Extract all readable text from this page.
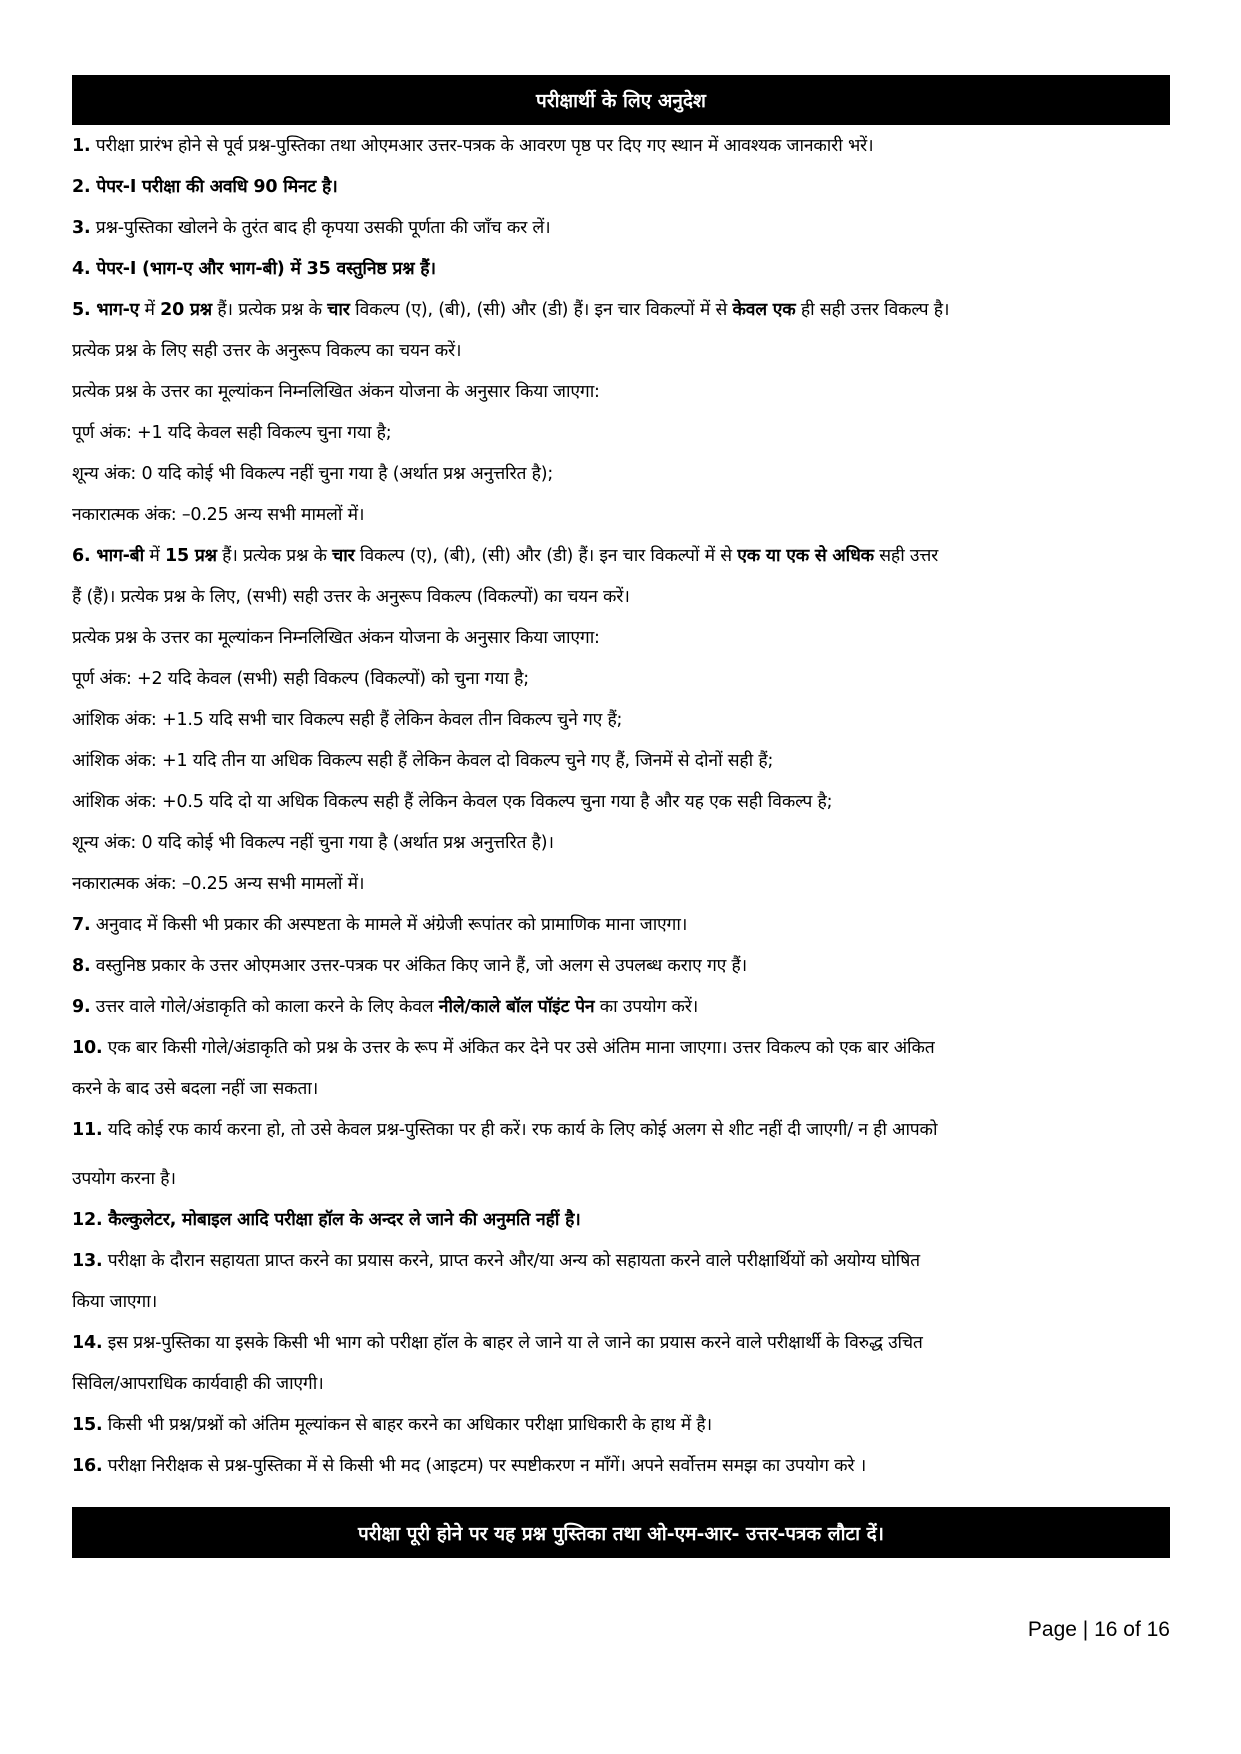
परीक्षार्थी के लिए अनुदेश
1. परीक्षा प्रारंभ होने से पूर्व प्रश्न-पुस्तिका तथा ओएमआर उत्तर-पत्रक के आवरण पृष्ठ पर दिए गए स्थान में आवश्यक जानकारी भरें।
2. पेपर-I परीक्षा की अवधि 90 मिनट है।
3. प्रश्न-पुस्तिका खोलने के तुरंत बाद ही कृपया उसकी पूर्णता की जाँच कर लें।
4. पेपर-I (भाग-ए और भाग-बी) में 35 वस्तुनिष्ठ प्रश्न हैं।
5. भाग-ए में 20 प्रश्न हैं। प्रत्येक प्रश्न के चार विकल्प (ए), (बी), (सी) और (डी) हैं। इन चार विकल्पों में से केवल एक ही सही उत्तर विकल्प है।
प्रत्येक प्रश्न के लिए सही उत्तर के अनुरूप विकल्प का चयन करें।
प्रत्येक प्रश्न के उत्तर का मूल्यांकन निम्नलिखित अंकन योजना के अनुसार किया जाएगा:
पूर्ण अंक: +1 यदि केवल सही विकल्प चुना गया है;
शून्य अंक: 0 यदि कोई भी विकल्प नहीं चुना गया है (अर्थात प्रश्न अनुत्तरित है);
नकारात्मक अंक: –0.25 अन्य सभी मामलों में।
6. भाग-बी में 15 प्रश्न हैं। प्रत्येक प्रश्न के चार विकल्प (ए), (बी), (सी) और (डी) हैं। इन चार विकल्पों में से एक या एक से अधिक सही उत्तर
हैं (हैं)। प्रत्येक प्रश्न के लिए, (सभी) सही उत्तर के अनुरूप विकल्प (विकल्पों) का चयन करें।
प्रत्येक प्रश्न के उत्तर का मूल्यांकन निम्नलिखित अंकन योजना के अनुसार किया जाएगा:
पूर्ण अंक: +2 यदि केवल (सभी) सही विकल्प (विकल्पों) को चुना गया है;
आंशिक अंक: +1.5 यदि सभी चार विकल्प सही हैं लेकिन केवल तीन विकल्प चुने गए हैं;
आंशिक अंक: +1 यदि तीन या अधिक विकल्प सही हैं लेकिन केवल दो विकल्प चुने गए हैं, जिनमें से दोनों सही हैं;
आंशिक अंक: +0.5 यदि दो या अधिक विकल्प सही हैं लेकिन केवल एक विकल्प चुना गया है और यह एक सही विकल्प है;
शून्य अंक: 0 यदि कोई भी विकल्प नहीं चुना गया है (अर्थात प्रश्न अनुत्तरित है)।
नकारात्मक अंक: –0.25 अन्य सभी मामलों में।
7. अनुवाद में किसी भी प्रकार की अस्पष्टता के मामले में अंग्रेजी रूपांतर को प्रामाणिक माना जाएगा।
8. वस्तुनिष्ठ प्रकार के उत्तर ओएमआर उत्तर-पत्रक पर अंकित किए जाने हैं, जो अलग से उपलब्ध कराए गए हैं।
9. उत्तर वाले गोले/अंडाकृति को काला करने के लिए केवल नीले/काले बॉल पॉइंट पेन का उपयोग करें।
10. एक बार किसी गोले/अंडाकृति को प्रश्न के उत्तर के रूप में अंकित कर देने पर उसे अंतिम माना जाएगा। उत्तर विकल्प को एक बार अंकित
करने के बाद उसे बदला नहीं जा सकता।
11. यदि कोई रफ कार्य करना हो, तो उसे केवल प्रश्न-पुस्तिका पर ही करें। रफ कार्य के लिए कोई अलग से शीट नहीं दी जाएगी/ न ही आपको
उपयोग करना है।
12. कैल्कुलेटर, मोबाइल आदि परीक्षा हॉल के अन्दर ले जाने की अनुमति नहीं है।
13. परीक्षा के दौरान सहायता प्राप्त करने का प्रयास करने, प्राप्त करने और/या अन्य को सहायता करने वाले परीक्षार्थियों को अयोग्य घोषित
किया जाएगा।
14. इस प्रश्न-पुस्तिका या इसके किसी भी भाग को परीक्षा हॉल के बाहर ले जाने या ले जाने का प्रयास करने वाले परीक्षार्थी के विरुद्ध उचित
सिविल/आपराधिक कार्यवाही की जाएगी।
15. किसी भी प्रश्न/प्रश्नों को अंतिम मूल्यांकन से बाहर करने का अधिकार परीक्षा प्राधिकारी के हाथ में है।
16. परीक्षा निरीक्षक से प्रश्न-पुस्तिका में से किसी भी मद (आइटम) पर स्पष्टीकरण न माँगें। अपने सर्वोत्तम समझ का उपयोग करे ।
परीक्षा पूरी होने पर यह प्रश्न पुस्तिका तथा ओ-एम-आर- उत्तर-पत्रक लौटा दें।
Page | 16 of 16
